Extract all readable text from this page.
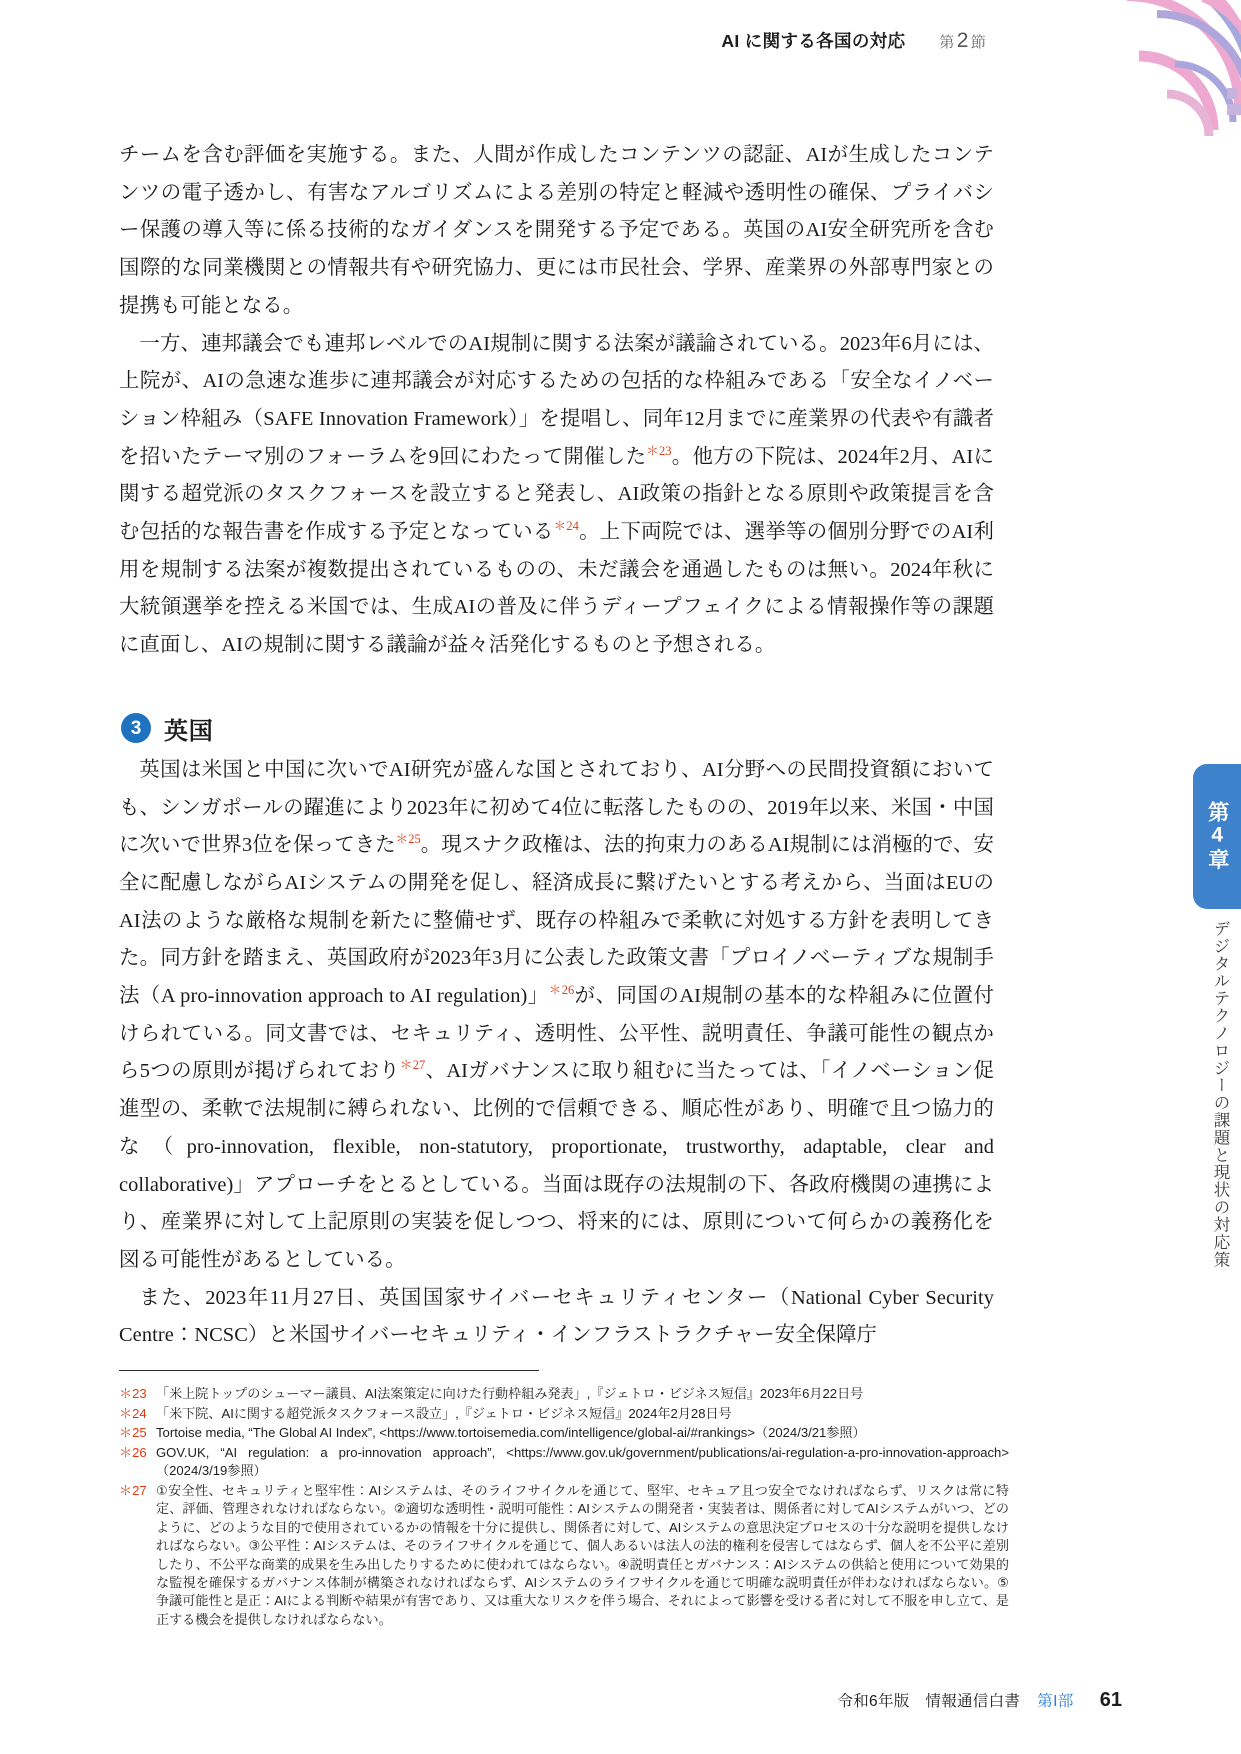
AI に関する各国の対応 第2 節

チームを含む評価を実施する。また、人間が作成したコンテンツの認証、AIが生成したコンテンツの電子透かし、有害なアルゴリズムによる差別の特定と軽減や透明性の確保、プライバシー保護の導入等に係る技術的なガイダンスを開発する予定である。英国のAI安全研究所を含む国際的な同業機関との情報共有や研究協力、更には市民社会、学界、産業界の外部専門家との提携も可能となる。

一方、連邦議会でも連邦レベルでのAI規制に関する法案が議論されている。2023年6月には、上院が、AIの急速な進歩に連邦議会が対応するための包括的な枠組みである「安全なイノベーション枠組み（SAFE Innovation Framework）」を提唱し、同年12月までに産業界の代表や有識者を招いたテーマ別のフォーラムを9回にわたって開催した$^{*23}$。他方の下院は、2024年2月、AIに関する超党派のタスクフォースを設立すると発表し、AI政策の指針となる原則や政策提言を含む包括的な報告書を作成する予定となっている$^{*24}$。上下両院では、選挙等の個別分野でのAI利用を規制する法案が複数提出されているものの、未だ議会を通過したものは無い。2024年秋に大統領選挙を控える米国では、生成AIの普及に伴うディープフェイクによる情報操作等の課題に直面し、AIの規制に関する議論が益々活発化するものと予想される。

3 英国

英国は米国と中国に次いでAI研究が盛んな国とされており、AI分野への民間投資額においても、シンガポールの躍進により2023年に初めて4位に転落したものの、2019年以来、米国・中国に次いで世界3位を保ってきた$^{*25}$。現スナク政権は、法的拘束力のあるAI規制には消極的で、安全に配慮しながらAIシステムの開発を促し、経済成長に繋げたいとする考えから、当面はEUのAI法のような厳格な規制を新たに整備せず、既存の枠組みで柔軟に対処する方針を表明してきた。同方針を踏まえ、英国政府が2023年3月に公表した政策文書「プロイノベーティブな規制手法（A pro-innovation approach to AI regulation)」$^{*26}$が、同国のAI規制の基本的な枠組みに位置付けられている。同文書では、セキュリティ、透明性、公平性、説明責任、争議可能性の観点から5つの原則が掲げられており$^{*27}$、AIガバナンスに取り組むに当たっては、「イノベーション促進型の、柔軟で法規制に縛られない、比例的で信頼できる、順応性があり、明確で且つ協力的な（pro-innovation, flexible, non-statutory, proportionate, trustworthy, adaptable, clear and collaborative)」アプローチをとるとしている。当面は既存の法規制の下、各政府機関の連携により、産業界に対して上記原則の実装を促しつつ、将来的には、原則について何らかの義務化を図る可能性があるとしている。

また、2023年11月27日、英国国家サイバーセキュリティセンター（National Cyber Security Centre：NCSC）と米国サイバーセキュリティ・インフラストラクチャー安全保障庁

第4章
デジタルテクノロジーの課題と現状の対応策
＊23 「米上院トップのシューマー議員、AI法案策定に向けた行動枠組み発表」,『ジェトロ・ビジネス短信』2023年6月22日号
＊24 「米下院、AIに関する超党派タスクフォース設立」,『ジェトロ・ビジネス短信』2024年2月28日号
＊25 Tortoise media, “The Global AI Index”, <https://www.tortoisemedia.com/intelligence/global-ai/#rankings>（2024/3/21参照）
＊26 GOV.UK, “AI regulation: a pro-innovation approach”, <https://www.gov.uk/government/publications/ai-regulation-a-pro-innovation-approach>（2024/3/19参照）
＊27 ①安全性、セキュリティと堅牢性：AIシステムは、そのライフサイクルを通じて、堅牢、セキュア且つ安全でなければならず、リスクは常に特定、評価、管理されなければならない。②適切な透明性・説明可能性：AIシステムの開発者・実装者は、関係者に対してAIシステムがいつ、どのように、どのような目的で使用されているかの情報を十分に提供し、関係者に対して、AIシステムの意思決定プロセスの十分な説明を提供しなければならない。③公平性：AIシステムは、そのライフサイクルを通じて、個人あるいは法人の法的権利を侵害してはならず、個人を不公平に差別したり、不公平な商業的成果を生み出したりするために使われてはならない。④説明責任とガバナンス：AIシステムの供給と使用について効果的な監視を確保するガバナンス体制が構築されなければならず、AIシステムのライフサイクルを通じて明確な説明責任が伴わなければならない。⑤争議可能性と是正：AIによる判断や結果が有害であり、又は重大なリスクを伴う場合、それによって影響を受ける者に対して不服を申し立て、是正する機会を提供しなければならない。
令和6年版　情報通信白書 第Ⅰ部 61
